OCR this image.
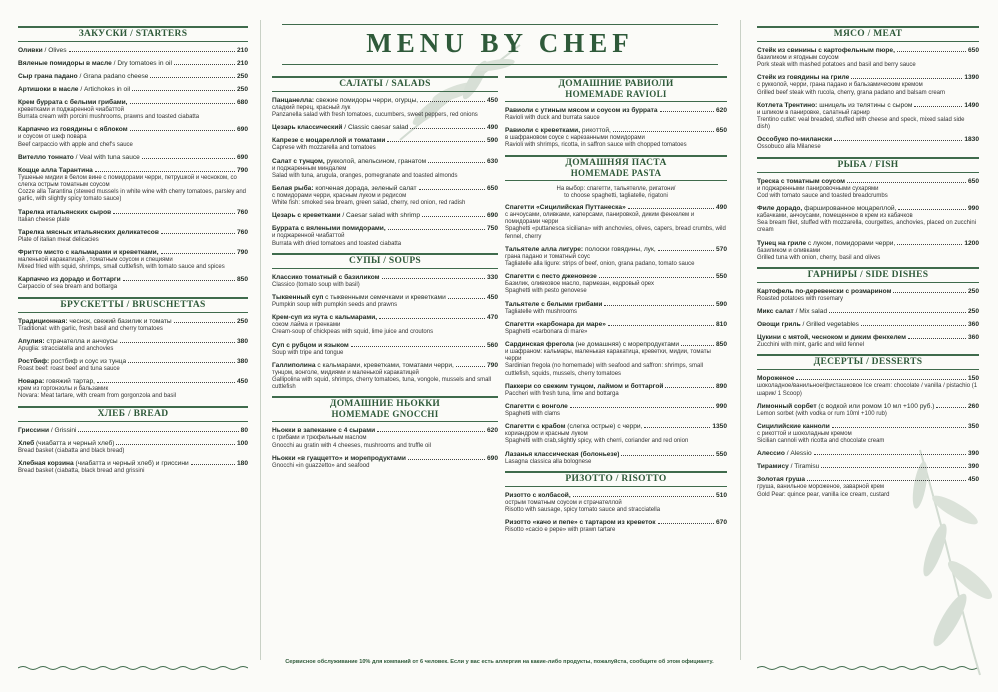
MENU BY CHEF
ЗАКУСКИ / STARTERS
Оливки / Olives	210
Вяленые помидоры в масле / Dry tomatoes in oil	210
Сыр грана падано / Grana padano cheese	250
Артишоки в масле / Artichokes in oil	250
Крем буррата с белыми грибами,	680
креветками и поджаренной чиабаттой
Burrata cream with porcini mushrooms, prawns and toasted ciabatta
Карпаччо из говядины с яблоком	690
и соусом от шеф повара
Beef carpaccio with apple and chef's sauce
Вителло тоннато / Veal with tuna sauce	690
Кощце алла Тарантина	790
Тушеные мидии в белом вине с помидорами черри, петрушкой и чесноком, со слегка острым томатным соусом
Cozze alla Tarantina (stewed mussels in white wine with cherry tomatoes, parsley and garlic, with slightly spicy tomato sauce)
Тарелка итальянских сыров	760
Italian cheese plate
Тарелка мясных итальянских деликатесов	760
Plate of italian meat delicacies
Фритто мисто с кальмарами и креветками,	790
маленькой каракатицей , томатным соусом и специями
Mixed fried with squid, shrimps, small cuttlefish, with tomato sauce and spices
Карпаччо из дорадо и боттарги	850
Carpaccio of sea bream and bottarga
БРУСКЕТТЫ / BRUSCHETTAS
Традиционная: чеснок, свежий базилик и томаты	250
Traditional: with garlic, fresh basil and cherry tomatoes
Апулия: страчателла и анчоусы	380
Apuglia: stracciatella and anchovies
Ростбиф: ростбиф и соус из тунца	380
Roast beef: roast beef and tuna sauce
Новара: говяжий тартар,	450
крем из горгонзолы и бальзамик
Novara: Meat tartare, with cream from gorgonzola and basil
ХЛЕБ / BREAD
Гриссини / Grissini	80
Хлеб (чиабатта и черный хлеб)	100
Bread basket (ciabatta and black bread)
Хлебная корзина (чиабатта и черный хлеб) и гриссини	180
Bread basket (ciabatta, black bread and grissini
САЛАТЫ / SALADS
Панцанелла: свежие помидоры черри, огурцы,	450
сладкий перец, красный лук
Panzanella salad with fresh tomatoes, cucumbers, sweet peppers, red onions
Цезарь классический / Classic caesar salad	490
Капрезе с моцареллой и томатами	590
Caprese with mozzarella and tomatoes
Салат с тунцом, рукколой, апельсином, гранатом	630
и поджаренным миндалем
Salad with tuna, arugula, oranges, pomegranate and toasted almonds
Белая рыба: копченая дорада, зеленый салат	650
с помидорами черри, красным луком и редисом
White fish: smoked sea bream, green salad, cherry, red onion, red radish
Цезарь с креветками / Caesar salad with shrimp	690
Буррата с вялеными помидорами,	750
и поджаренной чиабаттой
Burrata with dried tomatoes and toasted ciabatta
СУПЫ / SOUPS
Классико томатный с базиликом	330
Classico (tomato soup with basil)
Тыквенный суп с тыквенными семечками и креветками	450
Pumpkin soup with pumpkin seeds and prawns
Крем-суп из нута с кальмарами,	470
соком лайма и гренками
Cream-soup of chickpeas with squid, lime juice and croutons
Суп с рубцом и языком	560
Soup with tripe and tongue
Галлиполина с кальмарами, креветками, томатами черри,	790
тунцом, вонголе, мидиями и маленькой каракатицей
Gallipolina with squid, shrimps, cherry tomatoes, tuna, vongole, mussels and small cuttlefish
ДОМАШНИЕ НЬОККИ
HOMEMADE GNOCCHI
Ньокки в запекание с 4 сырами	620
с грибами и трюфельным маслом
Gnocchi au gratin with 4 cheeses, mushrooms and truffle oil
Ньокки «в гуаццетто» и морепродуктами	690
Gnocchi «in guazzetto» and seafood
ДОМАШНИЕ РАВИОЛИ
HOMEMADE RAVIOLI
Равиоли с утиным мясом и соусом из бурратa	620
Ravioli with duck and burrata sauce
Равиоли с креветками, рикоттой,	650
в шафрановом соусе с нарезанными помидорами
Ravioli with shrimps, ricotta, in saffron sauce with chopped tomatoes
ДОМАШНЯЯ ПАСТА
HOMEMADE PASTA
На выбор: спагетти, тальятелле, ригатони/
to choose spaghetti, tagliatelle, rigatoni
Спагетти «Сицилийская Путтанеска»	490
с анчоусами, оливками, каперсами, панировкой, диким фенхелем и помидорами черри
Spaghetti «puttanesca siciliana» with anchovies, olives, capers, bread crumbs, wild fennel, cherry
Тальятеле алла лигуре: полоски говядины, лук,	570
грана падано и томатный соус
Tagliatelle alla ligure: strips of beef, onion, grana padano, tomato sauce
Спагетти с песто дженовезе	550
Базилик, оливковое масло, пармезан, кедровый орех
Spaghetti with pesto genovese
Тальятеле с белыми грибами	590
Tagliatelle with mushrooms
Спагетти «карбонара ди маре»	810
Spaghetti «carbonara di mare»
Сардинская фрегола (не домашняя) с морепродуктами	850
и шафраном: кальмары, маленькая каракатица, креветки, мидии, томаты черри
Sardinian fregola (no homemade) with seafood and saffron: shrimps, small cuttlefish, squids, mussels, cherry tomatoes
Паккери со свежим тунцом, лаймом и боттаргой	890
Paccheri with fresh tuna, lime and bottarga
Спагетти с вонголе	990
Spaghetti with clams
Спагетти с крабом (слегка острые) с черри,	1350
кориандром и красным луком
Spaghetti with crab,slightly spicy, with cherri, coriander and red onion
Лазанья классическая (болоньезе)	550
Lasagna classica alla bolognese
РИЗОТТО / RISOTTO
Ризотто с колбасой,	510
острым томатным соусом и страчателлой
Risotto with sausage, spicy tomato sauce and stracciatella
Ризотто «качо и пепе» с тартаром из креветок	670
Risotto «cacio e pepe» with prawn tartare
МЯСО / MEAT
Стейк из свинины с картофельным пюре,	650
базиликом и ягодным соусом
Pork steak with mashed potatoes and basil and berry sauce
Стейк из говядины на гриле	1390
с рукколой, черри, грана падано и бальзамическим кремом
Grilled beef steak with rucola, cherry, grana padano and balsam cream
Котлета Трентино: шницель из телятины с сыром	1490
и шпиком в панировке, салатный гарнир
Trentino cutlet: veal breaded, stuffed with cheese and speck, mixed salad side dish)
Оссобуко по-милански	1830
Ossobuco alla Milanese
РЫБА / FISH
Треска с томатным соусом	650
и поджаренными панировочными сухарями
Cod with tomato sauce and toasted breadcrumbs
Филе дорадо, фаршированное моцареллой,	990
кабачками, анчоусами, помещенное в крем из кабачков
Sea bream filet, stuffed with mozzarella, courgettes, anchovies, placed on zucchini cream
Тунец на гриле с луком, помидорами черри,	1200
базиликом и оливками
Grilled tuna with onion, cherry, basil and olives
ГАРНИРЫ / SIDE DISHES
Картофель по-деревенски с розмарином	250
Roasted potatoes with rosemary
Микс салат / Mix salad	250
Овощи гриль / Grilled vegetables	360
Цукини с мятой, чесноком и диким фенхелем	360
Zucchini with mint, garlic and wild fennel
ДЕСЕРТЫ / DESSERTS
Мороженое	150
шоколадное/ванильное/фисташковое Ice cream: chocolate / vanilla / pistachio (1 шарик/ 1 Scoop)
Лимонный сорбет (с водкой или ромом 10 мл +100 руб.)	260
Lemon sorbet (with vodka or rum 10ml +100 rub)
Сицилийские канноли	350
с рикоттой и шоколадным кремом
Sicilian cannoli with ricotta and chocolate cream
Алессио / Alessio	390
Тирамису / Tiramisu	390
Золотая груша	450
груша, ванильное мороженое, заварной крем
Gold Pear: quince pear, vanilla ice cream, custard
Сервисное обслуживание 10% для компаний от 6 человек. Если у вас есть аллергия на какие-либо продукты, пожалуйста, сообщите об этом официанту.
